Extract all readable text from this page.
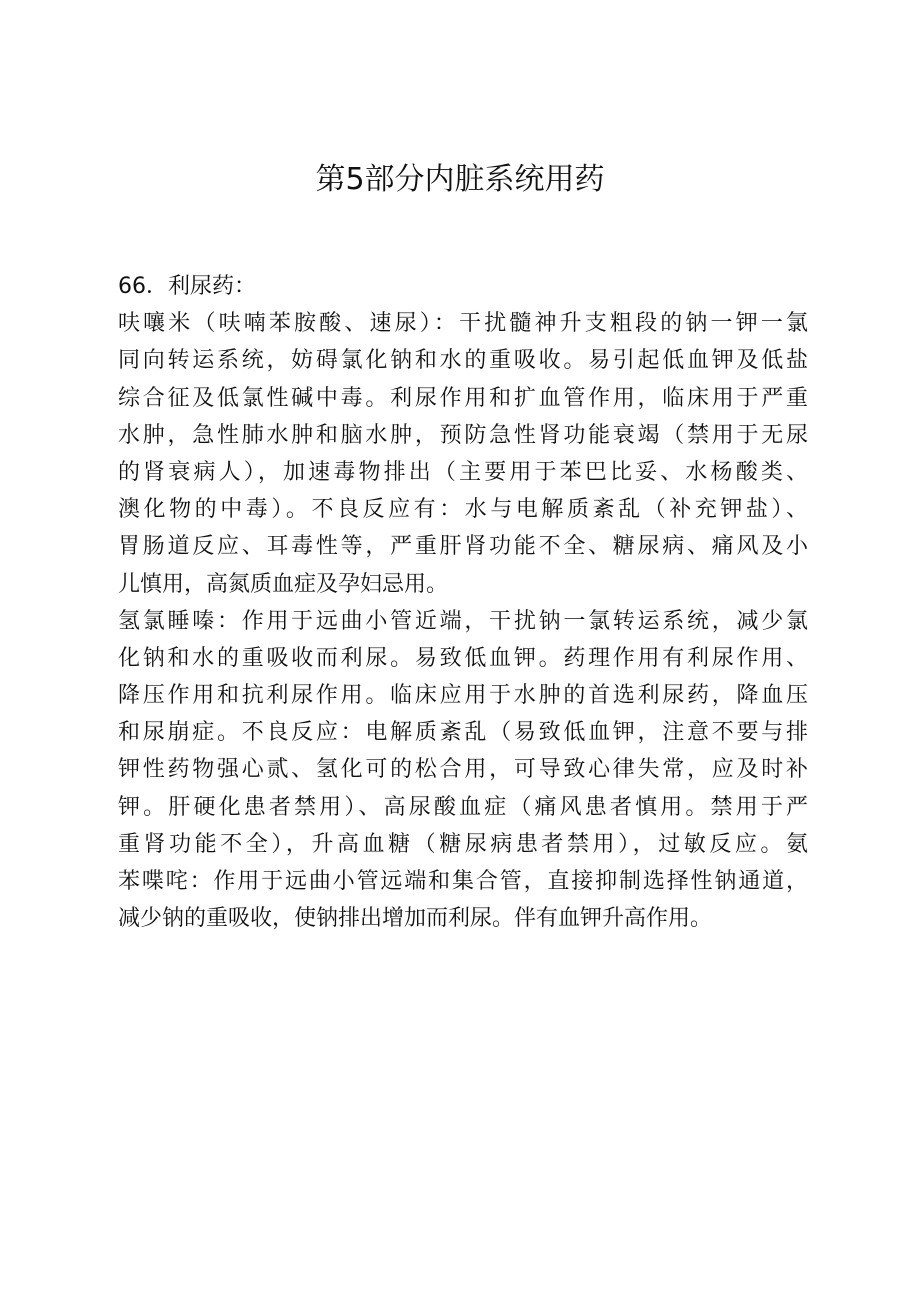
第5部分内脏系统用药
66．利尿药：
呋嚷米（呋喃苯胺酸、速尿）：干扰髓神升支粗段的钠一钾一氯
同向转运系统，妨碍氯化钠和水的重吸收。易引起低血钾及低盐
综合征及低氯性碱中毒。利尿作用和扩血管作用，临床用于严重
水肿，急性肺水肿和脑水肿，预防急性肾功能衰竭（禁用于无尿
的肾衰病人），加速毒物排出（主要用于苯巴比妥、水杨酸类、
澳化物的中毒）。不良反应有：水与电解质紊乱（补充钾盐）、
胃肠道反应、耳毒性等，严重肝肾功能不全、糖尿病、痛风及小
儿慎用，高氮质血症及孕妇忌用。
氢氯睡嗪：作用于远曲小管近端，干扰钠一氯转运系统，减少氯
化钠和水的重吸收而利尿。易致低血钾。药理作用有利尿作用、
降压作用和抗利尿作用。临床应用于水肿的首选利尿药，降血压
和尿崩症。不良反应：电解质紊乱（易致低血钾，注意不要与排
钾性药物强心贰、氢化可的松合用，可导致心律失常，应及时补
钾。肝硬化患者禁用）、高尿酸血症（痛风患者慎用。禁用于严
重肾功能不全），升高血糖（糖尿病患者禁用），过敏反应。氨
苯喋咤：作用于远曲小管远端和集合管，直接抑制选择性钠通道，
减少钠的重吸收，使钠排出增加而利尿。伴有血钾升高作用。
